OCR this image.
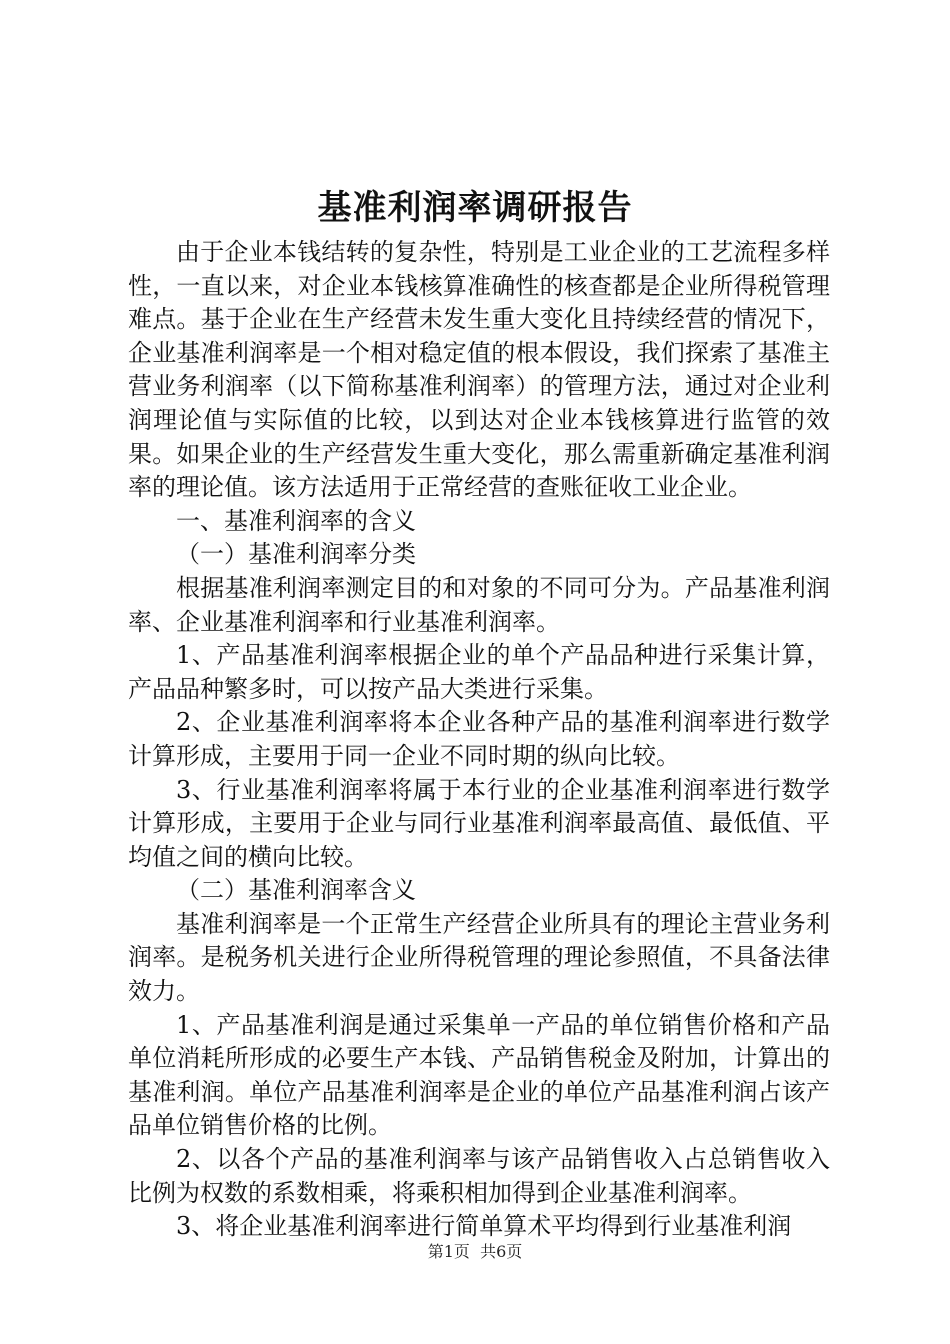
基准利润率调研报告

由于企业本钱结转的复杂性，特别是工业企业的工艺流程多样性，一直以来，对企业本钱核算准确性的核查都是企业所得税管理难点。基于企业在生产经营未发生重大变化且持续经营的情况下，企业基准利润率是一个相对稳定值的根本假设，我们探索了基准主营业务利润率（以下简称基准利润率）的管理方法，通过对企业利润理论值与实际值的比较，以到达对企业本钱核算进行监管的效果。如果企业的生产经营发生重大变化，那么需重新确定基准利润率的理论值。该方法适用于正常经营的查账征收工业企业。

一、基准利润率的含义

（一）基准利润率分类

根据基准利润率测定目的和对象的不同可分为。产品基准利润率、企业基准利润率和行业基准利润率。

1、产品基准利润率根据企业的单个产品品种进行采集计算，产品品种繁多时，可以按产品大类进行采集。

2、企业基准利润率将本企业各种产品的基准利润率进行数学计算形成，主要用于同一企业不同时期的纵向比较。

3、行业基准利润率将属于本行业的企业基准利润率进行数学计算形成，主要用于企业与同行业基准利润率最高值、最低值、平均值之间的横向比较。

（二）基准利润率含义

基准利润率是一个正常生产经营企业所具有的理论主营业务利润率。是税务机关进行企业所得税管理的理论参照值，不具备法律效力。

1、产品基准利润是通过采集单一产品的单位销售价格和产品单位消耗所形成的必要生产本钱、产品销售税金及附加，计算出的基准利润。单位产品基准利润率是企业的单位产品基准利润占该产品单位销售价格的比例。

2、以各个产品的基准利润率与该产品销售收入占总销售收入比例为权数的系数相乘，将乘积相加得到企业基准利润率。

3、将企业基准利润率进行简单算术平均得到行业基准利润

第1页 共6页
